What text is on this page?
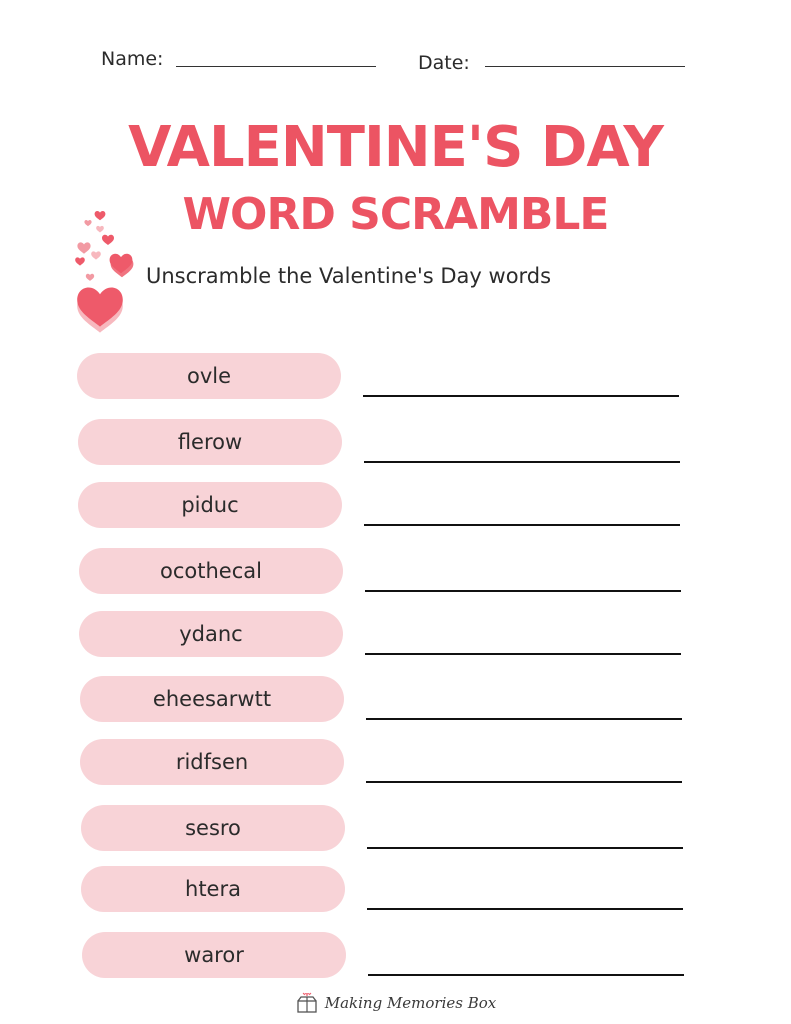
Name:	Date:
VALENTINE'S DAY
WORD SCRAMBLE
Unscramble the Valentine's Day words
ovle
flerow
piduc
ocothecal
ydanc
eheesarwtt
ridfsen
sesro
htera
waror
Making Memories Box
